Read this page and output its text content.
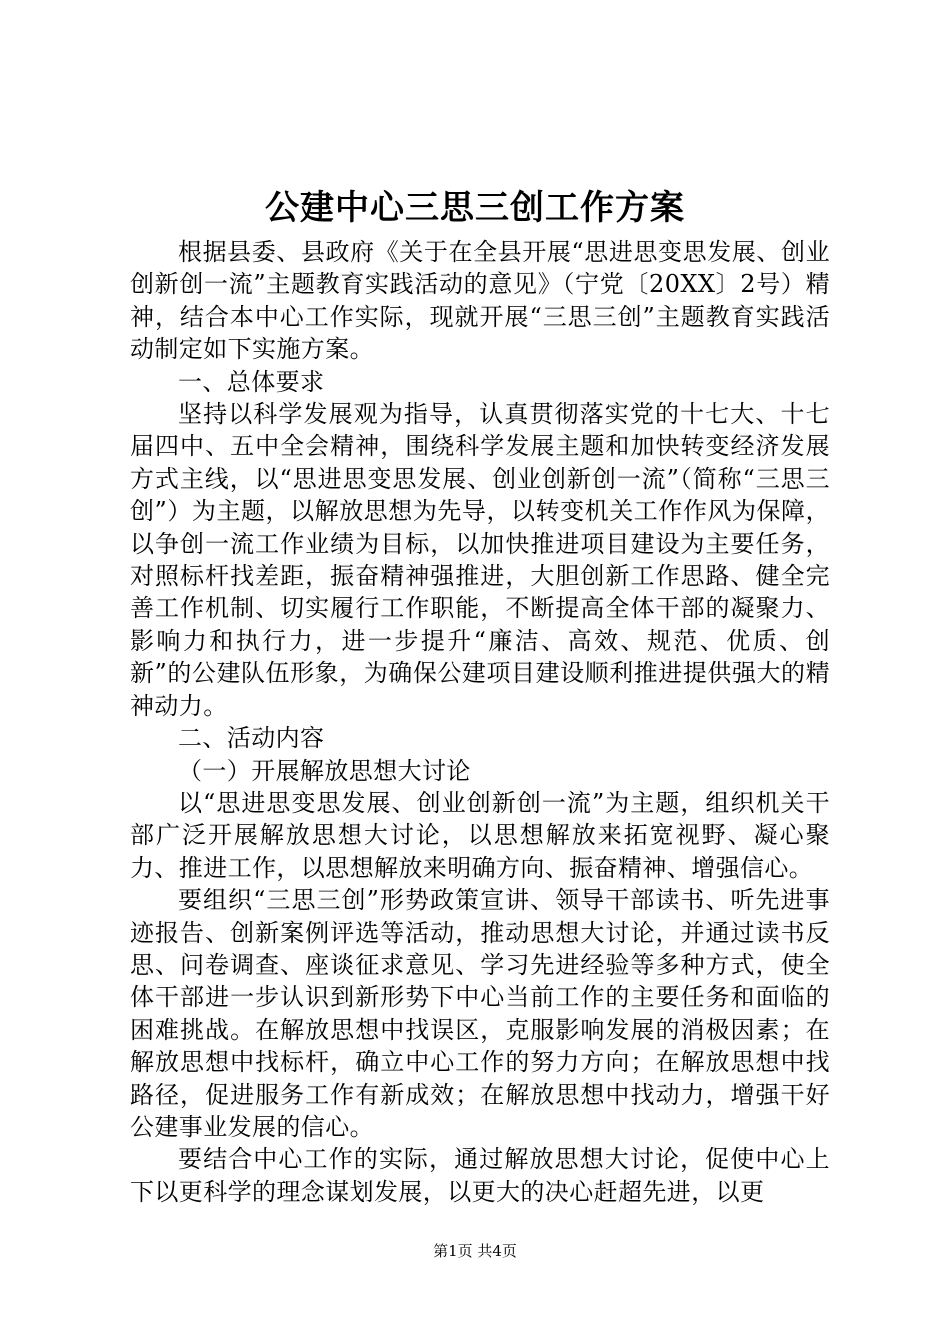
公建中心三思三创工作方案

根据县委、县政府《关于在全县开展“思进思变思发展、创业创新创一流”主题教育实践活动的意见》（宁党〔20XX〕2号）精神，结合本中心工作实际，现就开展“三思三创”主题教育实践活动制定如下实施方案。

一、总体要求

坚持以科学发展观为指导，认真贯彻落实党的十七大、十七届四中、五中全会精神，围绕科学发展主题和加快转变经济发展方式主线，以“思进思变思发展、创业创新创一流”（简称“三思三创”）为主题，以解放思想为先导，以转变机关工作作风为保障，以争创一流工作业绩为目标，以加快推进项目建设为主要任务，对照标杆找差距，振奋精神强推进，大胆创新工作思路、健全完善工作机制、切实履行工作职能，不断提高全体干部的凝聚力、影响力和执行力，进一步提升“廉洁、高效、规范、优质、创新”的公建队伍形象，为确保公建项目建设顺利推进提供强大的精神动力。

二、活动内容

（一）开展解放思想大讨论

以“思进思变思发展、创业创新创一流”为主题，组织机关干部广泛开展解放思想大讨论，以思想解放来拓宽视野、凝心聚力、推进工作，以思想解放来明确方向、振奋精神、增强信心。

要组织“三思三创”形势政策宣讲、领导干部读书、听先进事迹报告、创新案例评选等活动，推动思想大讨论，并通过读书反思、问卷调查、座谈征求意见、学习先进经验等多种方式，使全体干部进一步认识到新形势下中心当前工作的主要任务和面临的困难挑战。在解放思想中找误区，克服影响发展的消极因素；在解放思想中找标杆，确立中心工作的努力方向；在解放思想中找路径，促进服务工作有新成效；在解放思想中找动力，增强干好公建事业发展的信心。

要结合中心工作的实际，通过解放思想大讨论，促使中心上下以更科学的理念谋划发展，以更大的决心赶超先进，以更

第1页 共4页
